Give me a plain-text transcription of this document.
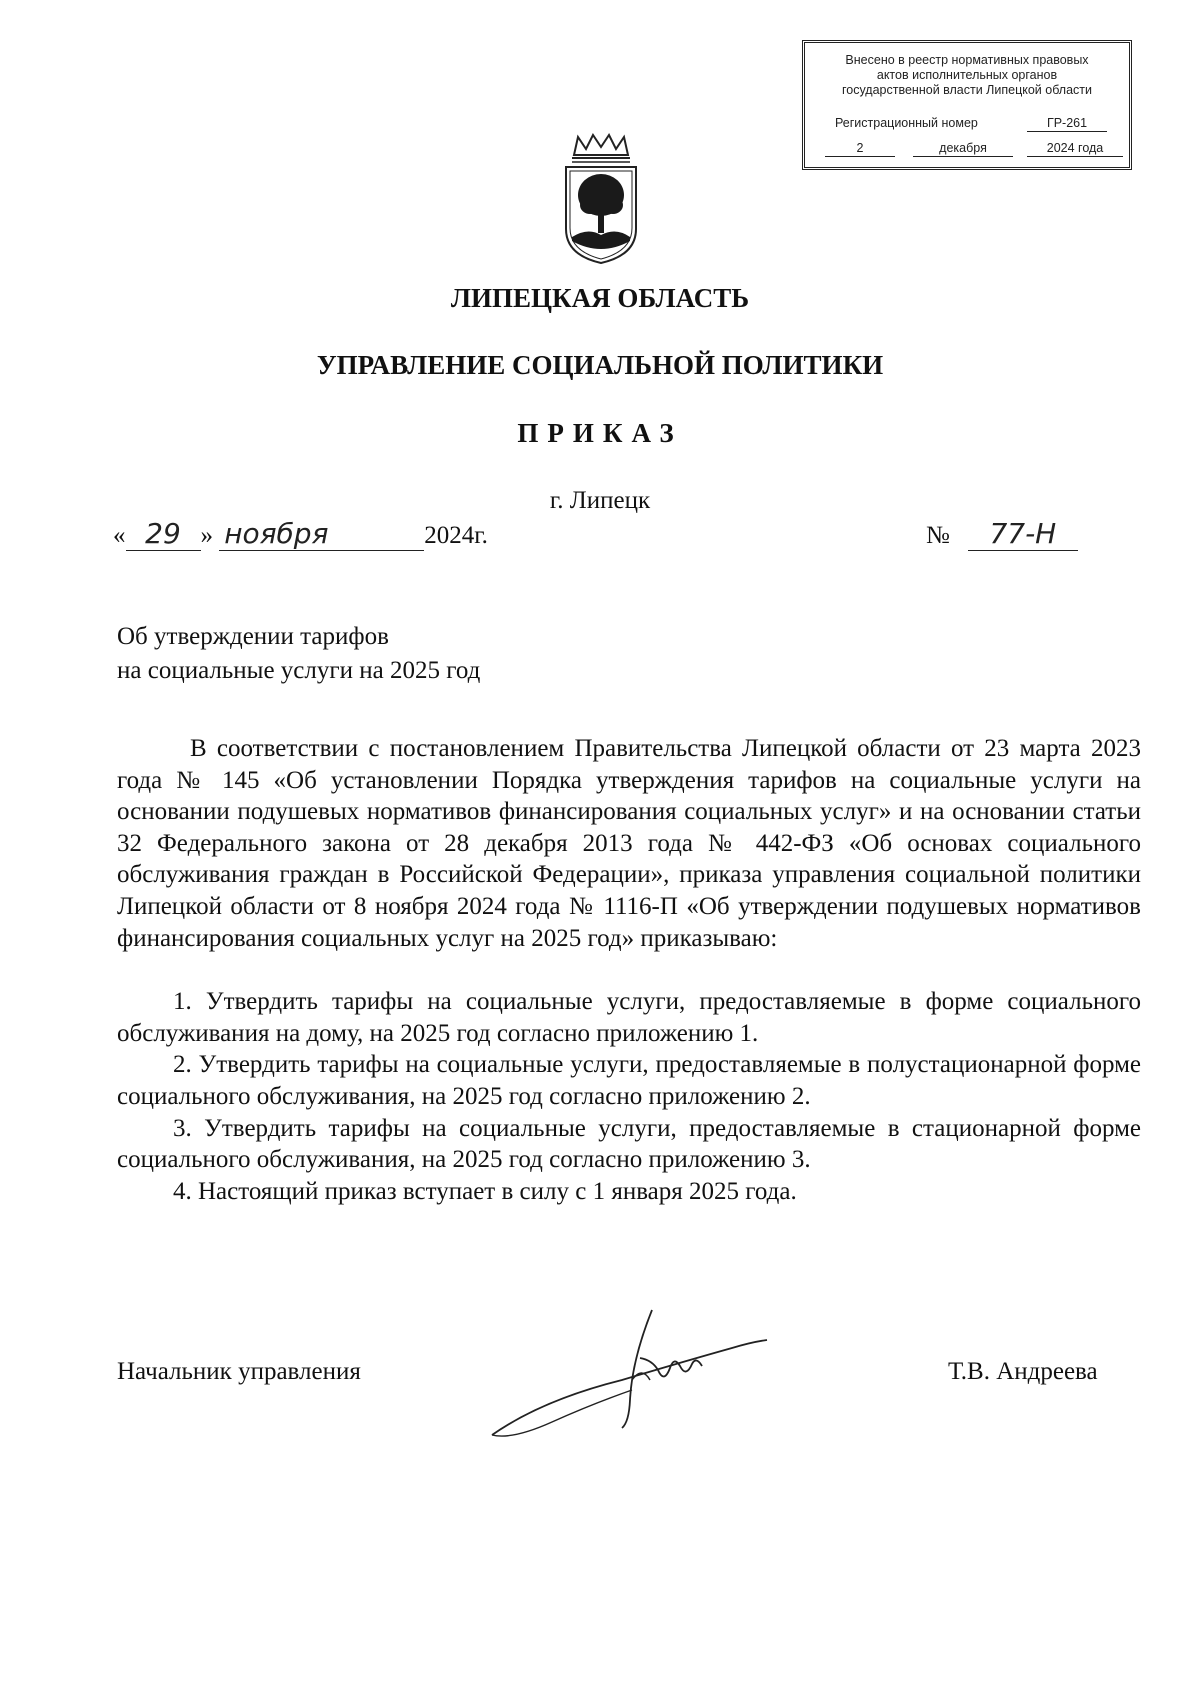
Внесено в реестр нормативных правовых
актов исполнительных органов
государственной власти Липецкой области
Регистрационный номер	ГР-261
2	декабря	2024 года
ЛИПЕЦКАЯ ОБЛАСТЬ
УПРАВЛЕНИЕ СОЦИАЛЬНОЙ ПОЛИТИКИ
ПРИКАЗ
г. Липецк
« 29 » ноября	2024г.	№ 77-Н
Об утверждении тарифов
на социальные услуги на 2025 год

В соответствии с постановлением Правительства Липецкой области от 23 марта 2023 года № 145 «Об установлении Порядка утверждения тарифов на социальные услуги на основании подушевых нормативов финансирования социальных услуг» и на основании статьи 32 Федерального закона от 28 декабря 2013 года № 442-ФЗ «Об основах социального обслуживания граждан в Российской Федерации», приказа управления социальной политики Липецкой области от 8 ноября 2024 года № 1116-П «Об утверждении подушевых нормативов финансирования социальных услуг на 2025 год» приказываю:

1. Утвердить тарифы на социальные услуги, предоставляемые в форме социального обслуживания на дому, на 2025 год согласно приложению 1.

2. Утвердить тарифы на социальные услуги, предоставляемые в полустационарной форме социального обслуживания, на 2025 год согласно приложению 2.

3. Утвердить тарифы на социальные услуги, предоставляемые в стационарной форме социального обслуживания, на 2025 год согласно приложению 3.

4. Настоящий приказ вступает в силу с 1 января 2025 года.

Начальник управления	Т.В. Андреева
